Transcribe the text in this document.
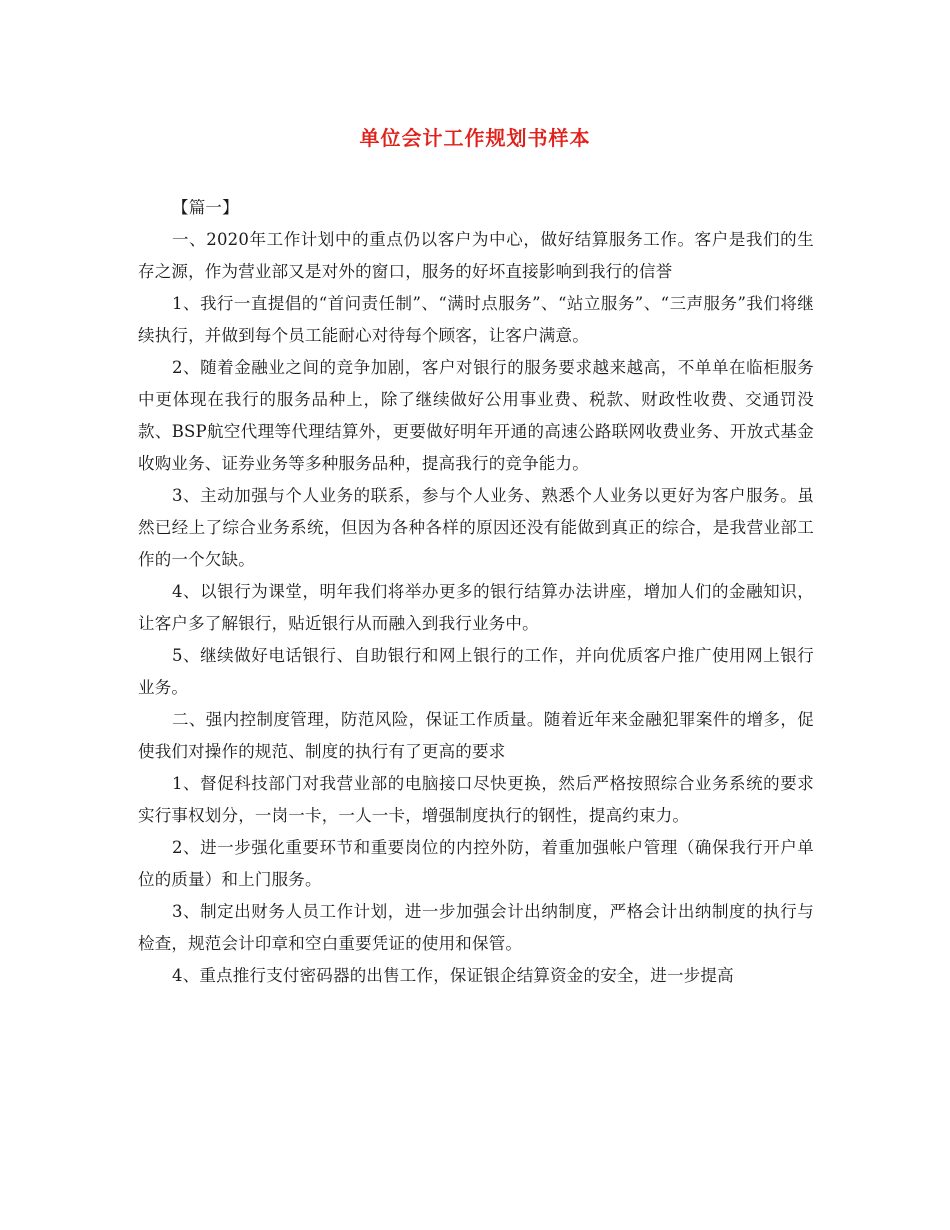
单位会计工作规划书样本

【篇一】

一、2020年工作计划中的重点仍以客户为中心，做好结算服务工作。客户是我们的生存之源，作为营业部又是对外的窗口，服务的好坏直接影响到我行的信誉

1、我行一直提倡的“首问责任制”、“满时点服务”、“站立服务”、“三声服务”我们将继续执行，并做到每个员工能耐心对待每个顾客，让客户满意。

2、随着金融业之间的竞争加剧，客户对银行的服务要求越来越高，不单单在临柜服务中更体现在我行的服务品种上，除了继续做好公用事业费、税款、财政性收费、交通罚没款、BSP航空代理等代理结算外，更要做好明年开通的高速公路联网收费业务、开放式基金收购业务、证券业务等多种服务品种，提高我行的竞争能力。

3、主动加强与个人业务的联系，参与个人业务、熟悉个人业务以更好为客户服务。虽然已经上了综合业务系统，但因为各种各样的原因还没有能做到真正的综合，是我营业部工作的一个欠缺。

4、以银行为课堂，明年我们将举办更多的银行结算办法讲座，增加人们的金融知识，让客户多了解银行，贴近银行从而融入到我行业务中。

5、继续做好电话银行、自助银行和网上银行的工作，并向优质客户推广使用网上银行业务。

二、强内控制度管理，防范风险，保证工作质量。随着近年来金融犯罪案件的增多，促使我们对操作的规范、制度的执行有了更高的要求

1、督促科技部门对我营业部的电脑接口尽快更换，然后严格按照综合业务系统的要求实行事权划分，一岗一卡，一人一卡，增强制度执行的钢性，提高约束力。

2、进一步强化重要环节和重要岗位的内控外防，着重加强帐户管理（确保我行开户单位的质量）和上门服务。

3、制定出财务人员工作计划，进一步加强会计出纳制度，严格会计出纳制度的执行与检查，规范会计印章和空白重要凭证的使用和保管。

4、重点推行支付密码器的出售工作，保证银企结算资金的安全，进一步提高
